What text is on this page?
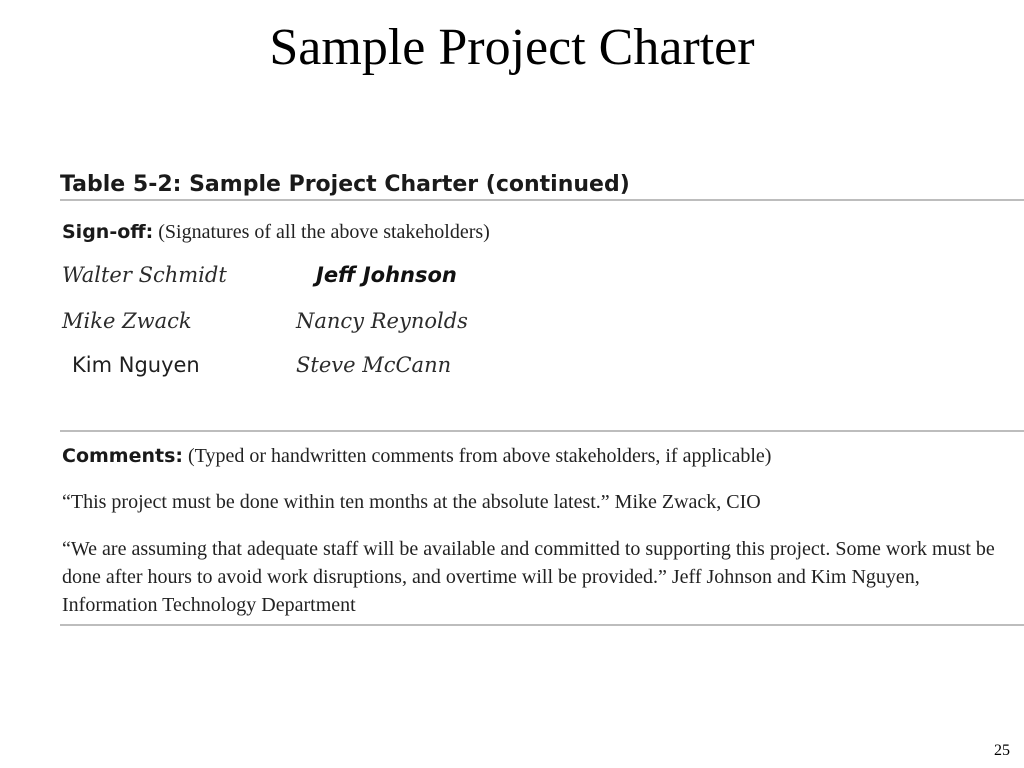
Sample Project Charter
Table 5-2: Sample Project Charter (continued)
Sign-off: (Signatures of all the above stakeholders)
Walter Schmidt	Jeff Johnson
Mike Zwack	Nancy Reynolds
Kim Nguyen	Steve McCann
Comments: (Typed or handwritten comments from above stakeholders, if applicable)
“This project must be done within ten months at the absolute latest.” Mike Zwack, CIO
“We are assuming that adequate staff will be available and committed to supporting this project. Some work must be done after hours to avoid work disruptions, and overtime will be provided.” Jeff Johnson and Kim Nguyen, Information Technology Department
25
